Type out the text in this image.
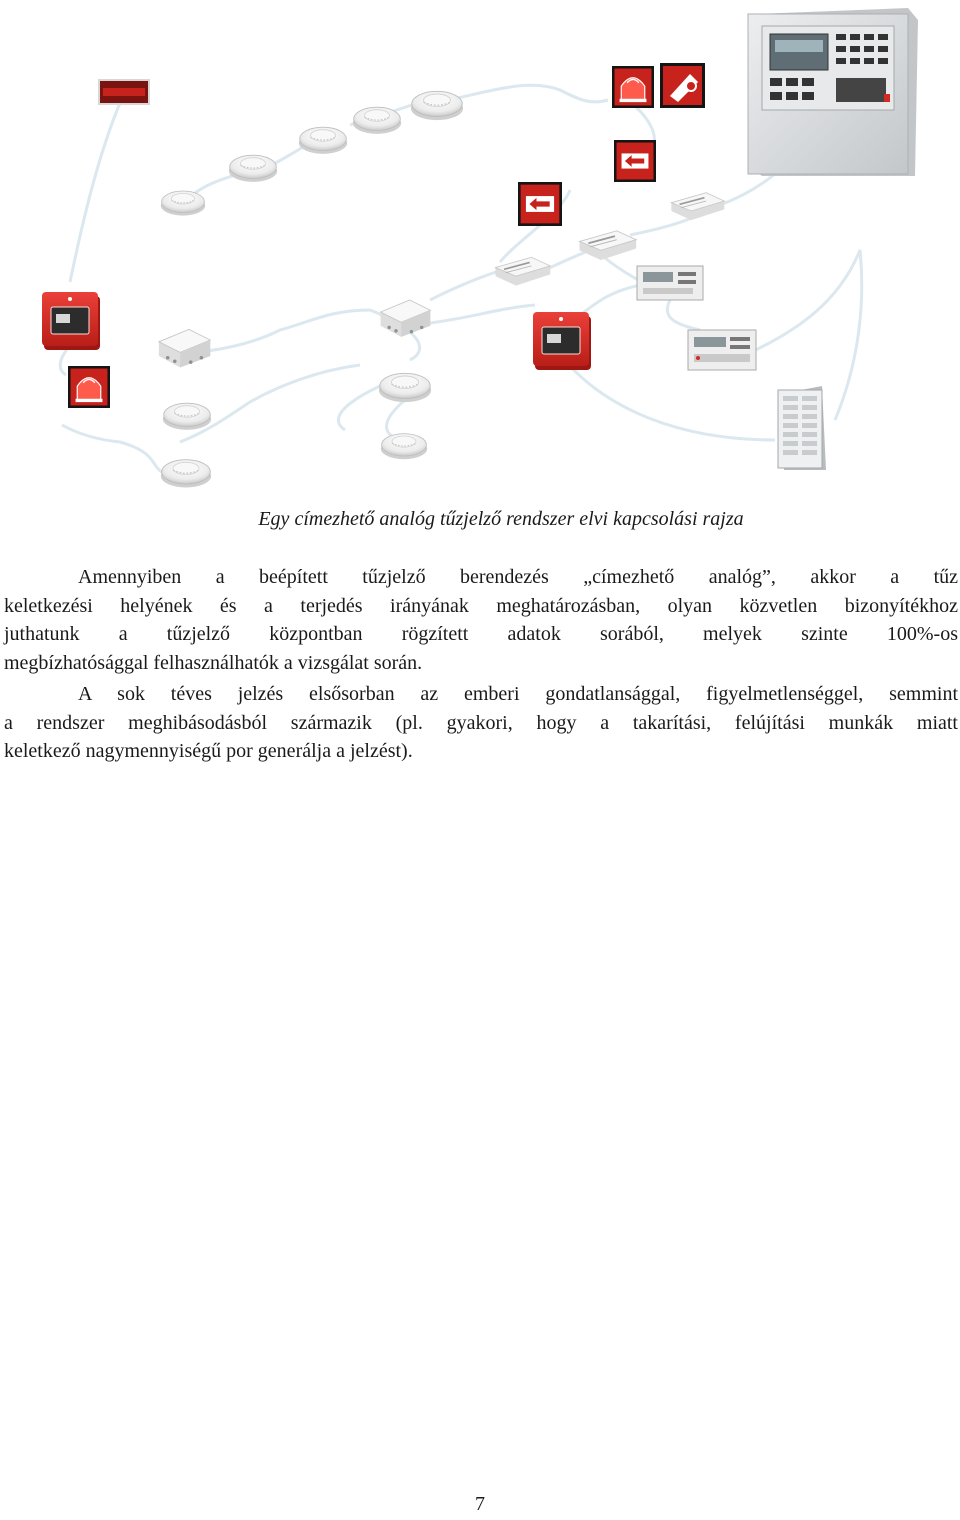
Egy címezhető analóg tűzjelző rendszer elvi kapcsolási rajza

Amennyiben a beépített tűzjelző berendezés „címezhető analóg”, akkor a tűz
keletkezési helyének és a terjedés irányának meghatározásban, olyan közvetlen bizonyítékhoz
juthatunk a tűzjelző központban rögzített adatok sorából, melyek szinte 100%-os
megbízhatósággal felhasználhatók a vizsgálat során.

A sok téves jelzés elsősorban az emberi gondatlansággal, figyelmetlenséggel, semmint
a rendszer meghibásodásból származik (pl. gyakori, hogy a takarítási, felújítási munkák miatt
keletkező nagymennyiségű por generálja a jelzést).

7
